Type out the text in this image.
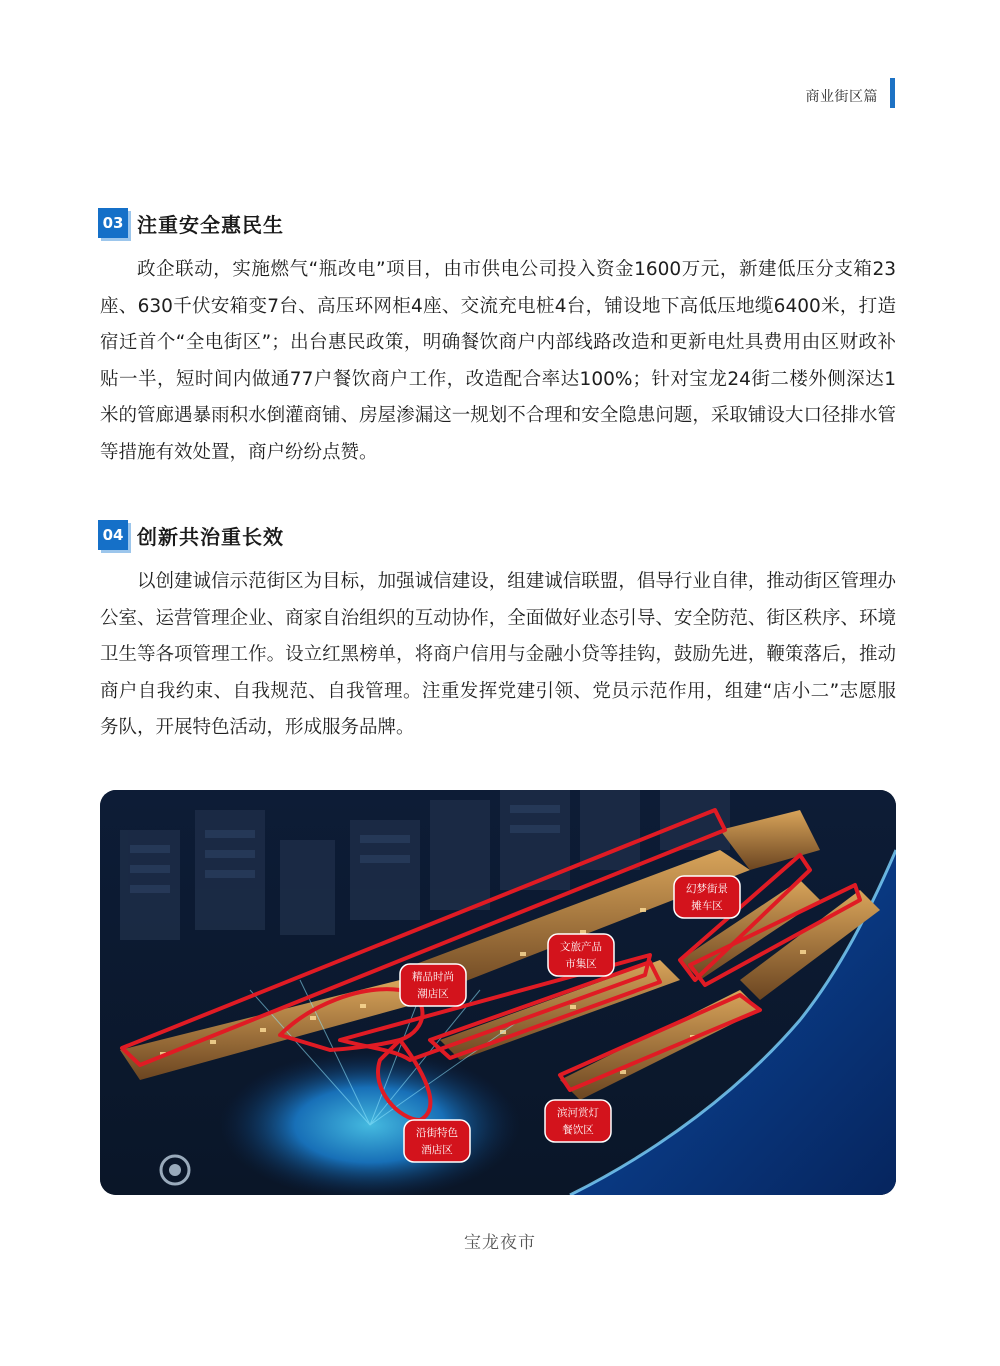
商业街区篇
03 注重安全惠民生
政企联动，实施燃气“瓶改电”项目，由市供电公司投入资金1600万元，新建低压分支箱23座、630千伏安箱变7台、高压环网柜4座、交流充电桩4台，铺设地下高低压地缆6400米，打造宿迁首个“全电街区”；出台惠民政策，明确餐饮商户内部线路改造和更新电灶具费用由区财政补贴一半，短时间内做通77户餐饮商户工作，改造配合率达100%；针对宝龙24街二楼外侧深达1米的管廊遇暴雨积水倒灌商铺、房屋渗漏这一规划不合理和安全隐患问题，采取铺设大口径排水管等措施有效处置，商户纷纷点赞。
04 创新共治重长效
以创建诚信示范街区为目标，加强诚信建设，组建诚信联盟，倡导行业自律，推动街区管理办公室、运营管理企业、商家自治组织的互动协作，全面做好业态引导、安全防范、街区秩序、环境卫生等各项管理工作。设立红黑榜单，将商户信用与金融小贷等挂钩，鼓励先进，鞭策落后，推动商户自我约束、自我规范、自我管理。注重发挥党建引领、党员示范作用，组建“店小二”志愿服务队，开展特色活动，形成服务品牌。
精品时尚
潮店区
文旅产品
市集区
幻梦街景
摊车区
沿街特色
酒店区
滨河赏灯
餐饮区
宝龙夜市
